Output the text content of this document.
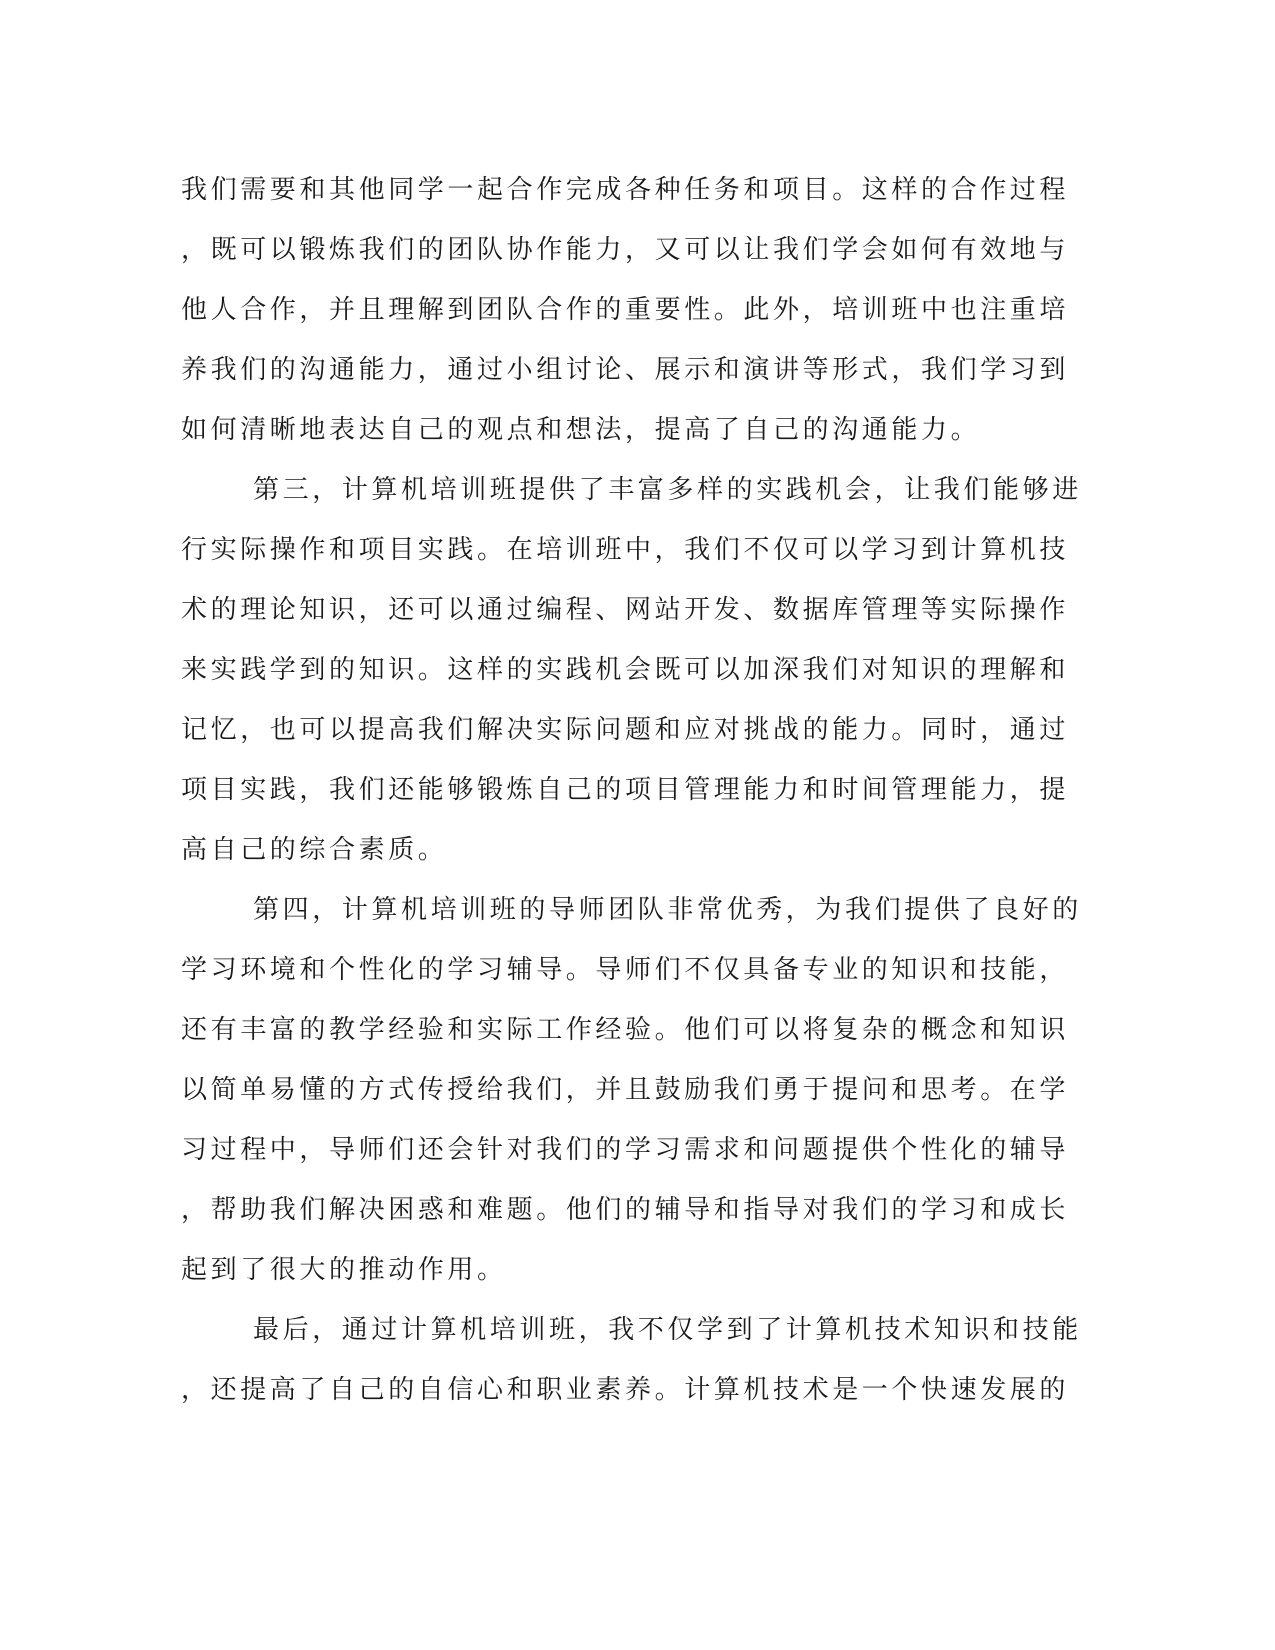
我们需要和其他同学一起合作完成各种任务和项目。这样的合作过程
，既可以锻炼我们的团队协作能力，又可以让我们学会如何有效地与
他人合作，并且理解到团队合作的重要性。此外，培训班中也注重培
养我们的沟通能力，通过小组讨论、展示和演讲等形式，我们学习到
如何清晰地表达自己的观点和想法，提高了自己的沟通能力。
第三，计算机培训班提供了丰富多样的实践机会，让我们能够进
行实际操作和项目实践。在培训班中，我们不仅可以学习到计算机技
术的理论知识，还可以通过编程、网站开发、数据库管理等实际操作
来实践学到的知识。这样的实践机会既可以加深我们对知识的理解和
记忆，也可以提高我们解决实际问题和应对挑战的能力。同时，通过
项目实践，我们还能够锻炼自己的项目管理能力和时间管理能力，提
高自己的综合素质。
第四，计算机培训班的导师团队非常优秀，为我们提供了良好的
学习环境和个性化的学习辅导。导师们不仅具备专业的知识和技能，
还有丰富的教学经验和实际工作经验。他们可以将复杂的概念和知识
以简单易懂的方式传授给我们，并且鼓励我们勇于提问和思考。在学
习过程中，导师们还会针对我们的学习需求和问题提供个性化的辅导
，帮助我们解决困惑和难题。他们的辅导和指导对我们的学习和成长
起到了很大的推动作用。
最后，通过计算机培训班，我不仅学到了计算机技术知识和技能
，还提高了自己的自信心和职业素养。计算机技术是一个快速发展的
